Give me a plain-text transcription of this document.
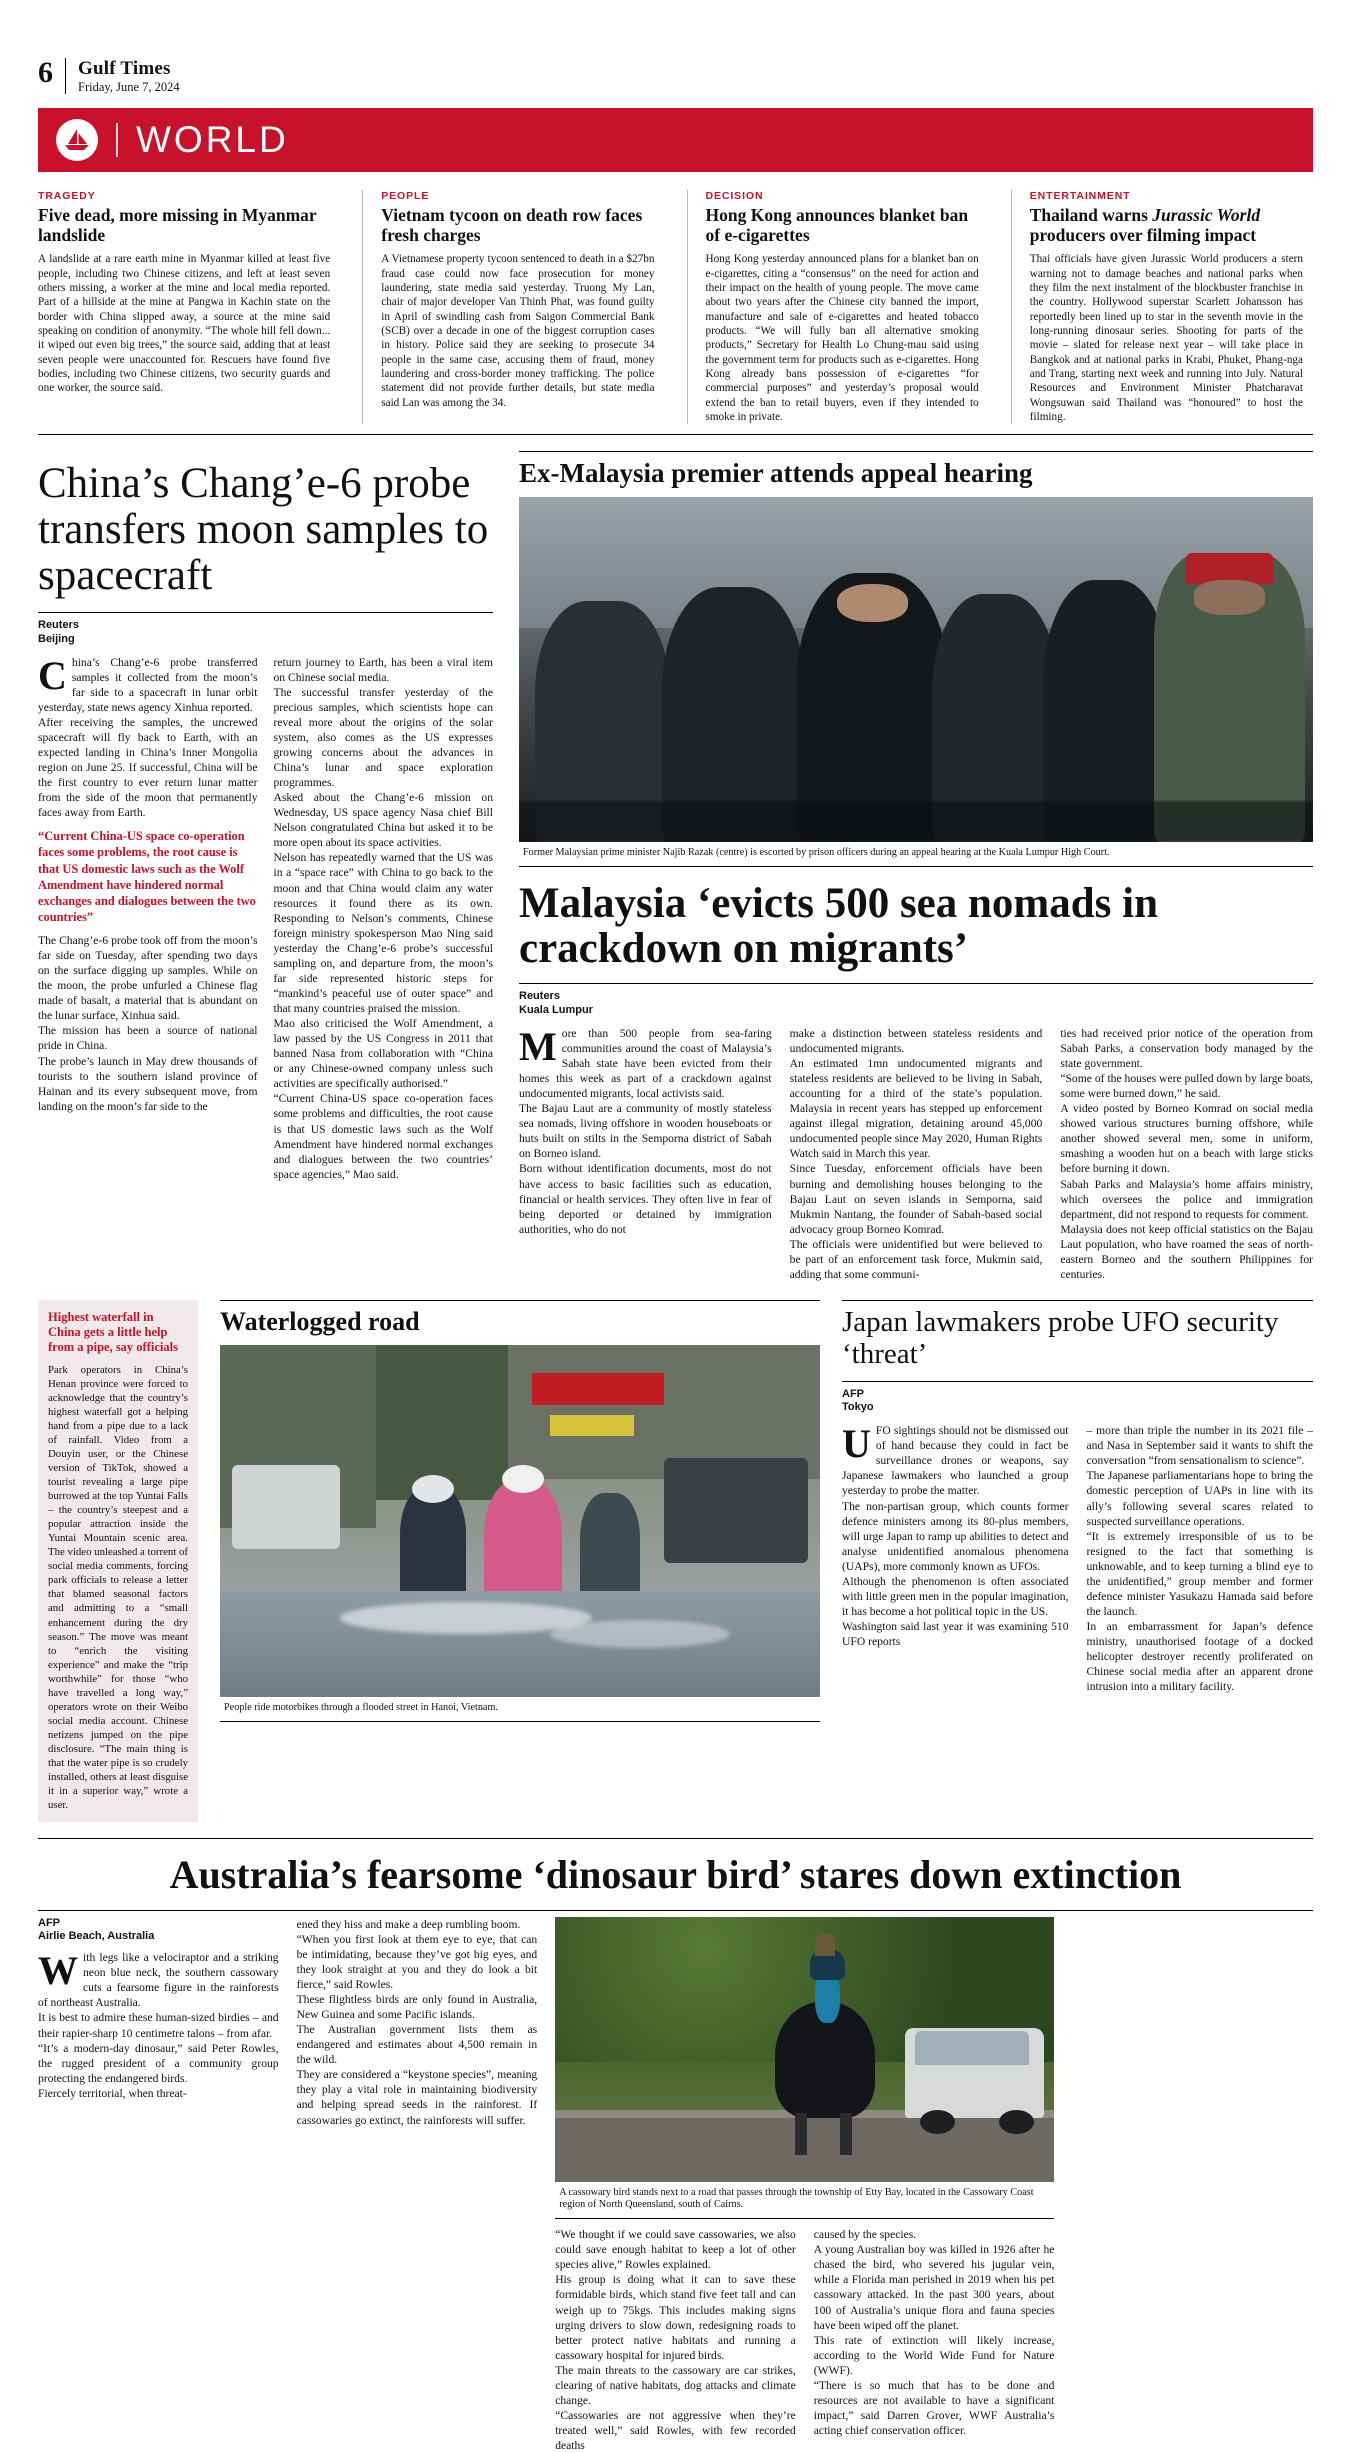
6 Gulf Times
Friday, June 7, 2024
WORLD
TRAGEDY
Five dead, more missing in Myanmar landslide
A landslide at a rare earth mine in Myanmar killed at least five people, including two Chinese citizens, and left at least seven others missing, a worker at the mine and local media reported. Part of a hillside at the mine at Pangwa in Kachin state on the border with China slipped away, a source at the mine said speaking on condition of anonymity. “The whole hill fell down... it wiped out even big trees,” the source said, adding that at least seven people were unaccounted for. Rescuers have found five bodies, including two Chinese citizens, two security guards and one worker, the source said.
PEOPLE
Vietnam tycoon on death row faces fresh charges
A Vietnamese property tycoon sentenced to death in a $27bn fraud case could now face prosecution for money laundering, state media said yesterday. Truong My Lan, chair of major developer Van Thinh Phat, was found guilty in April of swindling cash from Saigon Commercial Bank (SCB) over a decade in one of the biggest corruption cases in history. Police said they are seeking to prosecute 34 people in the same case, accusing them of fraud, money laundering and cross-border money trafficking. The police statement did not provide further details, but state media said Lan was among the 34.
DECISION
Hong Kong announces blanket ban of e-cigarettes
Hong Kong yesterday announced plans for a blanket ban on e-cigarettes, citing a “consensus” on the need for action and their impact on the health of young people. The move came about two years after the Chinese city banned the import, manufacture and sale of e-cigarettes and heated tobacco products. “We will fully ban all alternative smoking products,” Secretary for Health Lo Chung-mau said using the government term for products such as e-cigarettes. Hong Kong already bans possession of e-cigarettes “for commercial purposes” and yesterday’s proposal would extend the ban to retail buyers, even if they intended to smoke in private.
ENTERTAINMENT
Thailand warns Jurassic World producers over filming impact
Thai officials have given Jurassic World producers a stern warning not to damage beaches and national parks when they film the next instalment of the blockbuster franchise in the country. Hollywood superstar Scarlett Johansson has reportedly been lined up to star in the seventh movie in the long-running dinosaur series. Shooting for parts of the movie – slated for release next year – will take place in Bangkok and at national parks in Krabi, Phuket, Phang-nga and Trang, starting next week and running into July. Natural Resources and Environment Minister Phatcharavat Wongsuwan said Thailand was “honoured” to host the filming.
China’s Chang’e-6 probe transfers moon samples to spacecraft
Reuters
Beijing
China’s Chang’e-6 probe transferred samples it collected from the moon’s far side to a spacecraft in lunar orbit yesterday, state news agency Xinhua reported.
After receiving the samples, the uncrewed spacecraft will fly back to Earth, with an expected landing in China’s Inner Mongolia region on June 25. If successful, China will be the first country to ever return lunar matter from the side of the moon that permanently faces away from Earth.
“Current China-US space co-operation faces some problems, the root cause is that US domestic laws such as the Wolf Amendment have hindered normal exchanges and dialogues between the two countries”
The Chang’e-6 probe took off from the moon’s far side on Tuesday, after spending two days on the surface digging up samples. While on the moon, the probe unfurled a Chinese flag made of basalt, a material that is abundant on the lunar surface, Xinhua said.
The mission has been a source of national pride in China.
The probe’s launch in May drew thousands of tourists to the southern island province of Hainan and its every subsequent move, from landing on the moon’s far side to the
return journey to Earth, has been a viral item on Chinese social media.
The successful transfer yesterday of the precious samples, which scientists hope can reveal more about the origins of the solar system, also comes as the US expresses growing concerns about the advances in China’s lunar and space exploration programmes.
Asked about the Chang’e-6 mission on Wednesday, US space agency Nasa chief Bill Nelson congratulated China but asked it to be more open about its space activities.
Nelson has repeatedly warned that the US was in a “space race” with China to go back to the moon and that China would claim any water resources it found there as its own. Responding to Nelson’s comments, Chinese foreign ministry spokesperson Mao Ning said yesterday the Chang’e-6 probe’s successful sampling on, and departure from, the moon’s far side represented historic steps for “mankind’s peaceful use of outer space” and that many countries praised the mission.
Mao also criticised the Wolf Amendment, a law passed by the US Congress in 2011 that banned Nasa from collaboration with “China or any Chinese-owned company unless such activities are specifically authorised.”
“Current China-US space co-operation faces some problems and difficulties, the root cause is that US domestic laws such as the Wolf Amendment have hindered normal exchanges and dialogues between the two countries’ space agencies,” Mao said.
Ex-Malaysia premier attends appeal hearing
Former Malaysian prime minister Najib Razak (centre) is escorted by prison officers during an appeal hearing at the Kuala Lumpur High Court.
Malaysia ‘evicts 500 sea nomads in crackdown on migrants’
Reuters
Kuala Lumpur
More than 500 people from sea-faring communities around the coast of Malaysia’s Sabah state have been evicted from their homes this week as part of a crackdown against undocumented migrants, local activists said.
The Bajau Laut are a community of mostly stateless sea nomads, living offshore in wooden houseboats or huts built on stilts in the Semporna district of Sabah on Borneo island.
Born without identification documents, most do not have access to basic facilities such as education, financial or health services. They often live in fear of being deported or detained by immigration authorities, who do not
make a distinction between stateless residents and undocumented migrants.
An estimated 1mn undocumented migrants and stateless residents are believed to be living in Sabah, accounting for a third of the state’s population. Malaysia in recent years has stepped up enforcement against illegal migration, detaining around 45,000 undocumented people since May 2020, Human Rights Watch said in March this year.
Since Tuesday, enforcement officials have been burning and demolishing houses belonging to the Bajau Laut on seven islands in Semporna, said Mukmin Nantang, the founder of Sabah-based social advocacy group Borneo Komrad.
The officials were unidentified but were believed to be part of an enforcement task force, Mukmin said, adding that some communi-
ties had received prior notice of the operation from Sabah Parks, a conservation body managed by the state government.
“Some of the houses were pulled down by large boats, some were burned down,” he said.
A video posted by Borneo Komrad on social media showed various structures burning offshore, while another showed several men, some in uniform, smashing a wooden hut on a beach with large sticks before burning it down.
Sabah Parks and Malaysia’s home affairs ministry, which oversees the police and immigration department, did not respond to requests for comment.
Malaysia does not keep official statistics on the Bajau Laut population, who have roamed the seas of north-eastern Borneo and the southern Philippines for centuries.
Highest waterfall in China gets a little help from a pipe, say officials
Park operators in China’s Henan province were forced to acknowledge that the country’s highest waterfall got a helping hand from a pipe due to a lack of rainfall. Video from a Douyin user, or the Chinese version of TikTok, showed a tourist revealing a large pipe burrowed at the top Yuntai Falls – the country’s steepest and a popular attraction inside the Yuntai Mountain scenic area. The video unleashed a torrent of social media comments, forcing park officials to release a letter that blamed seasonal factors and admitting to a “small enhancement during the dry season.” The move was meant to “enrich the visiting experience” and make the “trip worthwhile” for those “who have travelled a long way,” operators wrote on their Weibo social media account. Chinese netizens jumped on the pipe disclosure. “The main thing is that the water pipe is so crudely installed, others at least disguise it in a superior way,” wrote a user.
Waterlogged road
People ride motorbikes through a flooded street in Hanoi, Vietnam.
Japan lawmakers probe UFO security ‘threat’
AFP
Tokyo
UFO sightings should not be dismissed out of hand because they could in fact be surveillance drones or weapons, say Japanese lawmakers who launched a group yesterday to probe the matter.
The non-partisan group, which counts former defence ministers among its 80-plus members, will urge Japan to ramp up abilities to detect and analyse unidentified anomalous phenomena (UAPs), more commonly known as UFOs.
Although the phenomenon is often associated with little green men in the popular imagination, it has become a hot political topic in the US.
Washington said last year it was examining 510 UFO reports
– more than triple the number in its 2021 file – and Nasa in September said it wants to shift the conversation “from sensationalism to science”.
The Japanese parliamentarians hope to bring the domestic perception of UAPs in line with its ally’s following several scares related to suspected surveillance operations.
“It is extremely irresponsible of us to be resigned to the fact that something is unknowable, and to keep turning a blind eye to the unidentified,” group member and former defence minister Yasukazu Hamada said before the launch.
In an embarrassment for Japan’s defence ministry, unauthorised footage of a docked helicopter destroyer recently proliferated on Chinese social media after an apparent drone intrusion into a military facility.
Australia’s fearsome ‘dinosaur bird’ stares down extinction
AFP
Airlie Beach, Australia
With legs like a velociraptor and a striking neon blue neck, the southern cassowary cuts a fearsome figure in the rainforests of northeast Australia.
It is best to admire these human-sized birdies – and their rapier-sharp 10 centimetre talons – from afar.
“It’s a modern-day dinosaur,” said Peter Rowles, the rugged president of a community group protecting the endangered birds.
Fiercely territorial, when threat-
ened they hiss and make a deep rumbling boom.
“When you first look at them eye to eye, that can be intimidating, because they’ve got big eyes, and they look straight at you and they do look a bit fierce,” said Rowles.
These flightless birds are only found in Australia, New Guinea and some Pacific islands.
The Australian government lists them as endangered and estimates about 4,500 remain in the wild.
They are considered a “keystone species”, meaning they play a vital role in maintaining biodiversity and helping spread seeds in the rainforest. If cassowaries go extinct, the rainforests will suffer.
A cassowary bird stands next to a road that passes through the township of Etty Bay, located in the Cassowary Coast region of North Queensland, south of Cairns.
“We thought if we could save cassowaries, we also could save enough habitat to keep a lot of other species alive,” Rowles explained.
His group is doing what it can to save these formidable birds, which stand five feet tall and can weigh up to 75kgs. This includes making signs urging drivers to slow down, redesigning roads to better protect native habitats and running a cassowary hospital for injured birds.
The main threats to the cassowary are car strikes, clearing of native habitats, dog attacks and climate change.
“Cassowaries are not aggressive when they’re treated well,” said Rowles, with few recorded deaths
caused by the species.
A young Australian boy was killed in 1926 after he chased the bird, who severed his jugular vein, while a Florida man perished in 2019 when his pet cassowary attacked. In the past 300 years, about 100 of Australia’s unique flora and fauna species have been wiped off the planet.
This rate of extinction will likely increase, according to the World Wide Fund for Nature (WWF).
“There is so much that has to be done and resources are not available to have a significant impact,” said Darren Grover, WWF Australia’s acting chief conservation officer.
